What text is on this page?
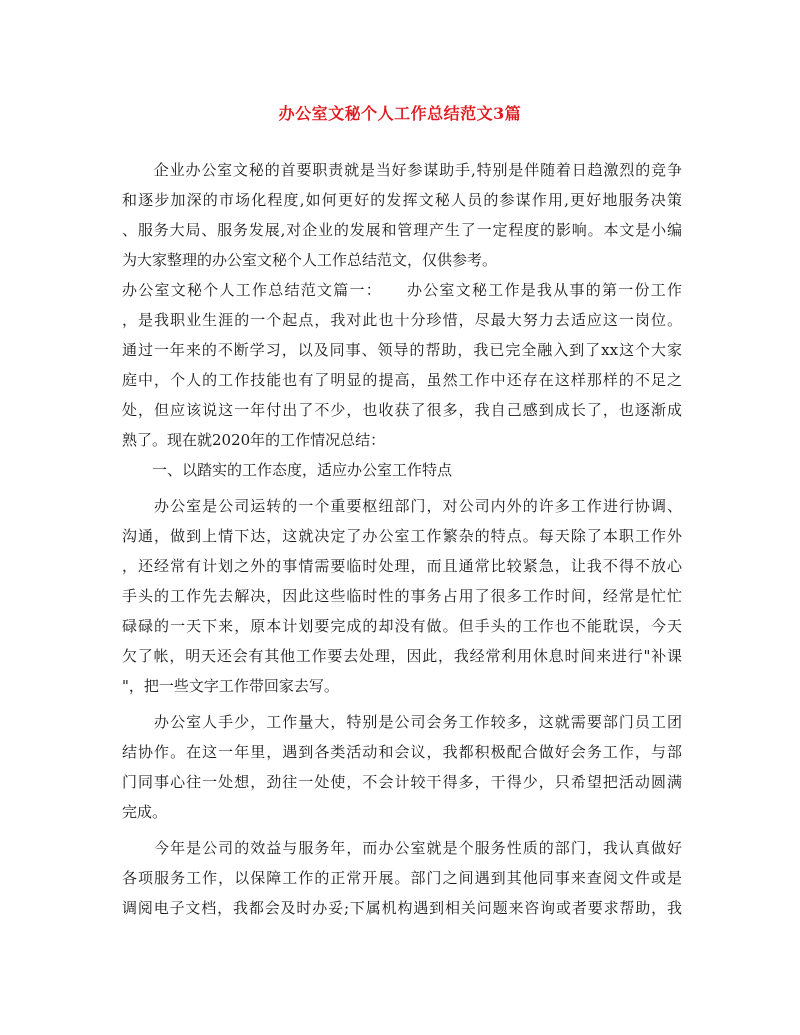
办公室文秘个人工作总结范文3篇
　　企业办公室文秘的首要职责就是当好参谋助手,特别是伴随着日趋激烈的竞争
和逐步加深的市场化程度,如何更好的发挥文秘人员的参谋作用,更好地服务决策
、服务大局、服务发展,对企业的发展和管理产生了一定程度的影响。本文是小编
为大家整理的办公室文秘个人工作总结范文，仅供参考。
办公室文秘个人工作总结范文篇一：　　办公室文秘工作是我从事的第一份工作
，是我职业生涯的一个起点，我对此也十分珍惜，尽最大努力去适应这一岗位。
通过一年来的不断学习，以及同事、领导的帮助，我已完全融入到了xx这个大家
庭中，个人的工作技能也有了明显的提高，虽然工作中还存在这样那样的不足之
处，但应该说这一年付出了不少，也收获了很多，我自己感到成长了，也逐渐成
熟了。现在就2020年的工作情况总结：
　　一、以踏实的工作态度，适应办公室工作特点
　　办公室是公司运转的一个重要枢纽部门，对公司内外的许多工作进行协调、
沟通，做到上情下达，这就决定了办公室工作繁杂的特点。每天除了本职工作外
，还经常有计划之外的事情需要临时处理，而且通常比较紧急，让我不得不放心
手头的工作先去解决，因此这些临时性的事务占用了很多工作时间，经常是忙忙
碌碌的一天下来，原本计划要完成的却没有做。但手头的工作也不能耽误，今天
欠了帐，明天还会有其他工作要去处理，因此，我经常利用休息时间来进行"补课
"，把一些文字工作带回家去写。
　　办公室人手少，工作量大，特别是公司会务工作较多，这就需要部门员工团
结协作。在这一年里，遇到各类活动和会议，我都积极配合做好会务工作，与部
门同事心往一处想，劲往一处使，不会计较干得多，干得少，只希望把活动圆满
完成。
　　今年是公司的效益与服务年，而办公室就是个服务性质的部门，我认真做好
各项服务工作，以保障工作的正常开展。部门之间遇到其他同事来查阅文件或是
调阅电子文档，我都会及时办妥;下属机构遇到相关问题来咨询或者要求帮助，我
